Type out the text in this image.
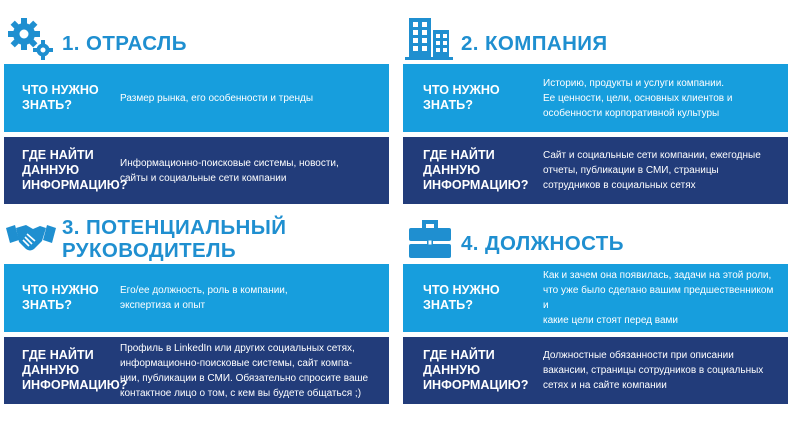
1. ОТРАСЛЬ
ЧТО НУЖНО
ЗНАТЬ?	Размер рынка, его особенности и тренды
ГДЕ НАЙТИ
ДАННУЮ
ИНФОРМАЦИЮ?
Информационно-поисковые системы, новости,
сайты и социальные сети компании
2. КОМПАНИЯ
ЧТО НУЖНО
ЗНАТЬ?
Историю, продукты и услуги компании.
Ее ценности, цели, основных клиентов и
особенности корпоративной культуры
ГДЕ НАЙТИ
ДАННУЮ
ИНФОРМАЦИЮ?
Сайт и социальные сети компании, ежегодные
отчеты, публикации в СМИ, страницы
сотрудников в социальных сетях
3. ПОТЕНЦИАЛЬНЫЙ
РУКОВОДИТЕЛЬ
ЧТО НУЖНО
ЗНАТЬ?
Его/ее должность, роль в компании,
экспертиза и опыт
ГДЕ НАЙТИ
ДАННУЮ
ИНФОРМАЦИЮ?
Профиль в LinkedIn или других социальных сетях,
информационно-поисковые системы, сайт компа-
нии, публикации в СМИ. Обязательно спросите ваше
контактное лицо о том, с кем вы будете общаться ;)
4. ДОЛЖНОСТЬ
ЧТО НУЖНО
ЗНАТЬ?
Как и зачем она появилась, задачи на этой роли,
что уже было сделано вашим предшественником и
какие цели стоят перед вами
ГДЕ НАЙТИ
ДАННУЮ
ИНФОРМАЦИЮ?
Должностные обязанности при описании
вакансии, страницы сотрудников в социальных
сетях и на сайте компании
